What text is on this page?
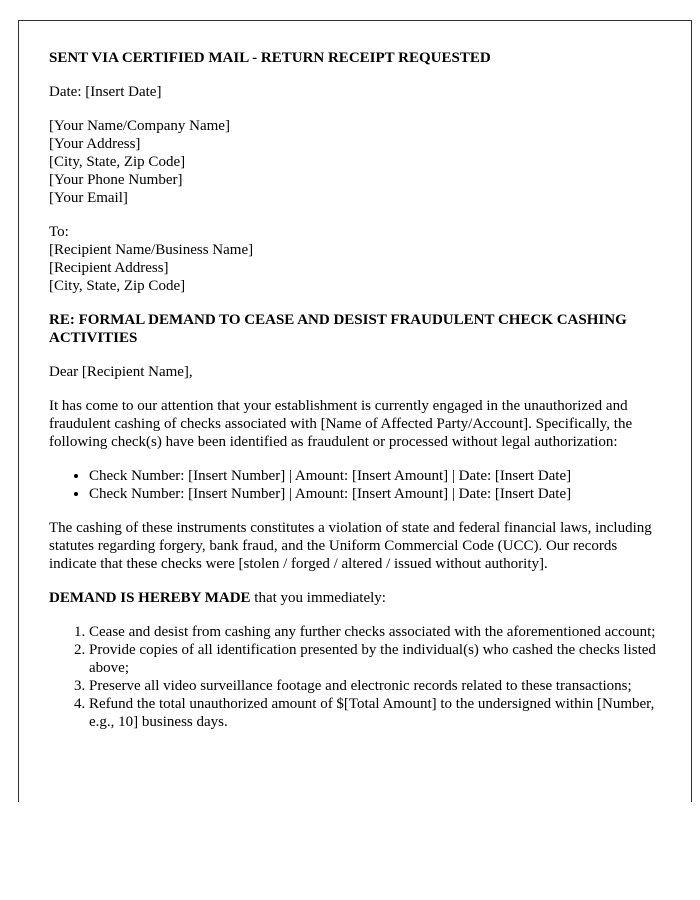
SENT VIA CERTIFIED MAIL - RETURN RECEIPT REQUESTED

Date: [Insert Date]

[Your Name/Company Name]
[Your Address]
[City, State, Zip Code]
[Your Phone Number]
[Your Email]

To:
[Recipient Name/Business Name]
[Recipient Address]
[City, State, Zip Code]

RE: FORMAL DEMAND TO CEASE AND DESIST FRAUDULENT CHECK CASHING ACTIVITIES

Dear [Recipient Name],

It has come to our attention that your establishment is currently engaged in the unauthorized and fraudulent cashing of checks associated with [Name of Affected Party/Account]. Specifically, the following check(s) have been identified as fraudulent or processed without legal authorization:

• Check Number: [Insert Number] | Amount: [Insert Amount] | Date: [Insert Date]
• Check Number: [Insert Number] | Amount: [Insert Amount] | Date: [Insert Date]

The cashing of these instruments constitutes a violation of state and federal financial laws, including statutes regarding forgery, bank fraud, and the Uniform Commercial Code (UCC). Our records indicate that these checks were [stolen / forged / altered / issued without authority].

DEMAND IS HEREBY MADE that you immediately:

1. Cease and desist from cashing any further checks associated with the aforementioned account;
2. Provide copies of all identification presented by the individual(s) who cashed the checks listed above;
3. Preserve all video surveillance footage and electronic records related to these transactions;
4. Refund the total unauthorized amount of $[Total Amount] to the undersigned within [Number, e.g., 10] business days.
